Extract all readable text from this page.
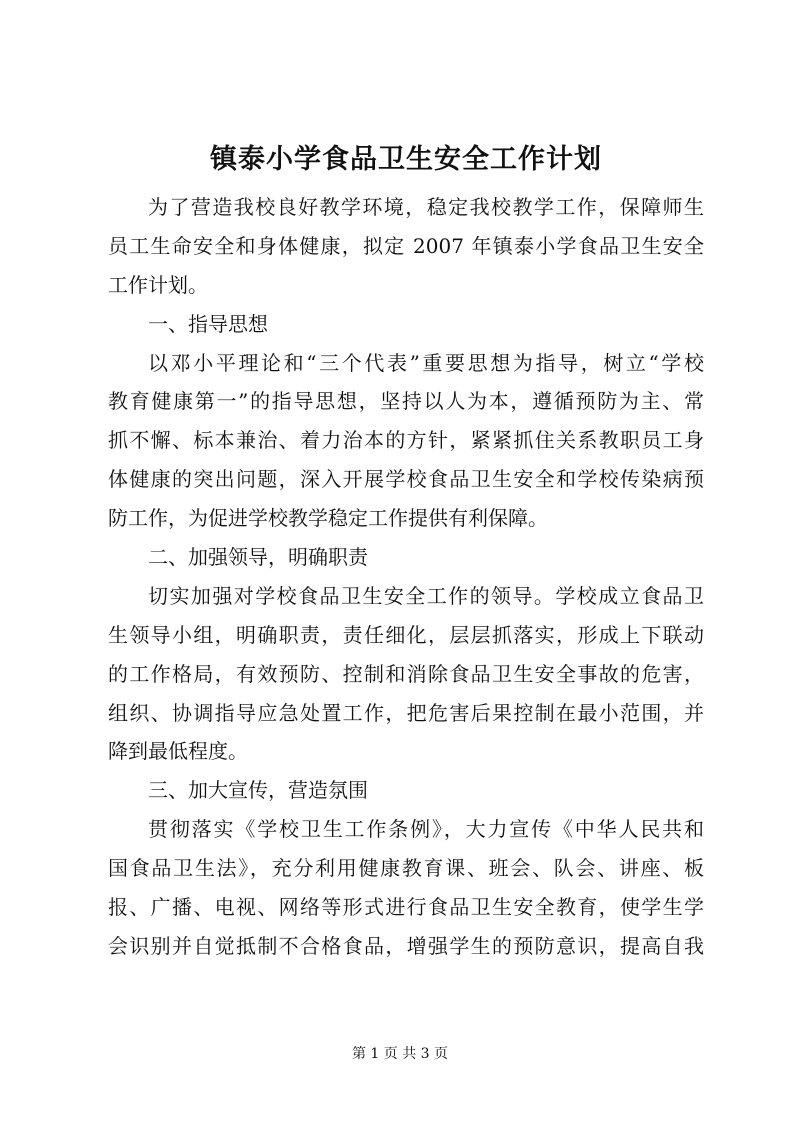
镇泰小学食品卫生安全工作计划
为了营造我校良好教学环境，稳定我校教学工作，保障师生
员工生命安全和身体健康，拟定 2007 年镇泰小学食品卫生安全
工作计划。
一、指导思想
以邓小平理论和“三个代表”重要思想为指导，树立“学校
教育健康第一”的指导思想，坚持以人为本，遵循预防为主、常
抓不懈、标本兼治、着力治本的方针，紧紧抓住关系教职员工身
体健康的突出问题，深入开展学校食品卫生安全和学校传染病预
防工作，为促进学校教学稳定工作提供有利保障。
二、加强领导，明确职责
切实加强对学校食品卫生安全工作的领导。学校成立食品卫
生领导小组，明确职责，责任细化，层层抓落实，形成上下联动
的工作格局，有效预防、控制和消除食品卫生安全事故的危害，
组织、协调指导应急处置工作，把危害后果控制在最小范围，并
降到最低程度。
三、加大宣传，营造氛围
贯彻落实《学校卫生工作条例》，大力宣传《中华人民共和
国食品卫生法》，充分利用健康教育课、班会、队会、讲座、板
报、广播、电视、网络等形式进行食品卫生安全教育，使学生学
会识别并自觉抵制不合格食品，增强学生的预防意识，提高自我
第 1 页 共 3 页
